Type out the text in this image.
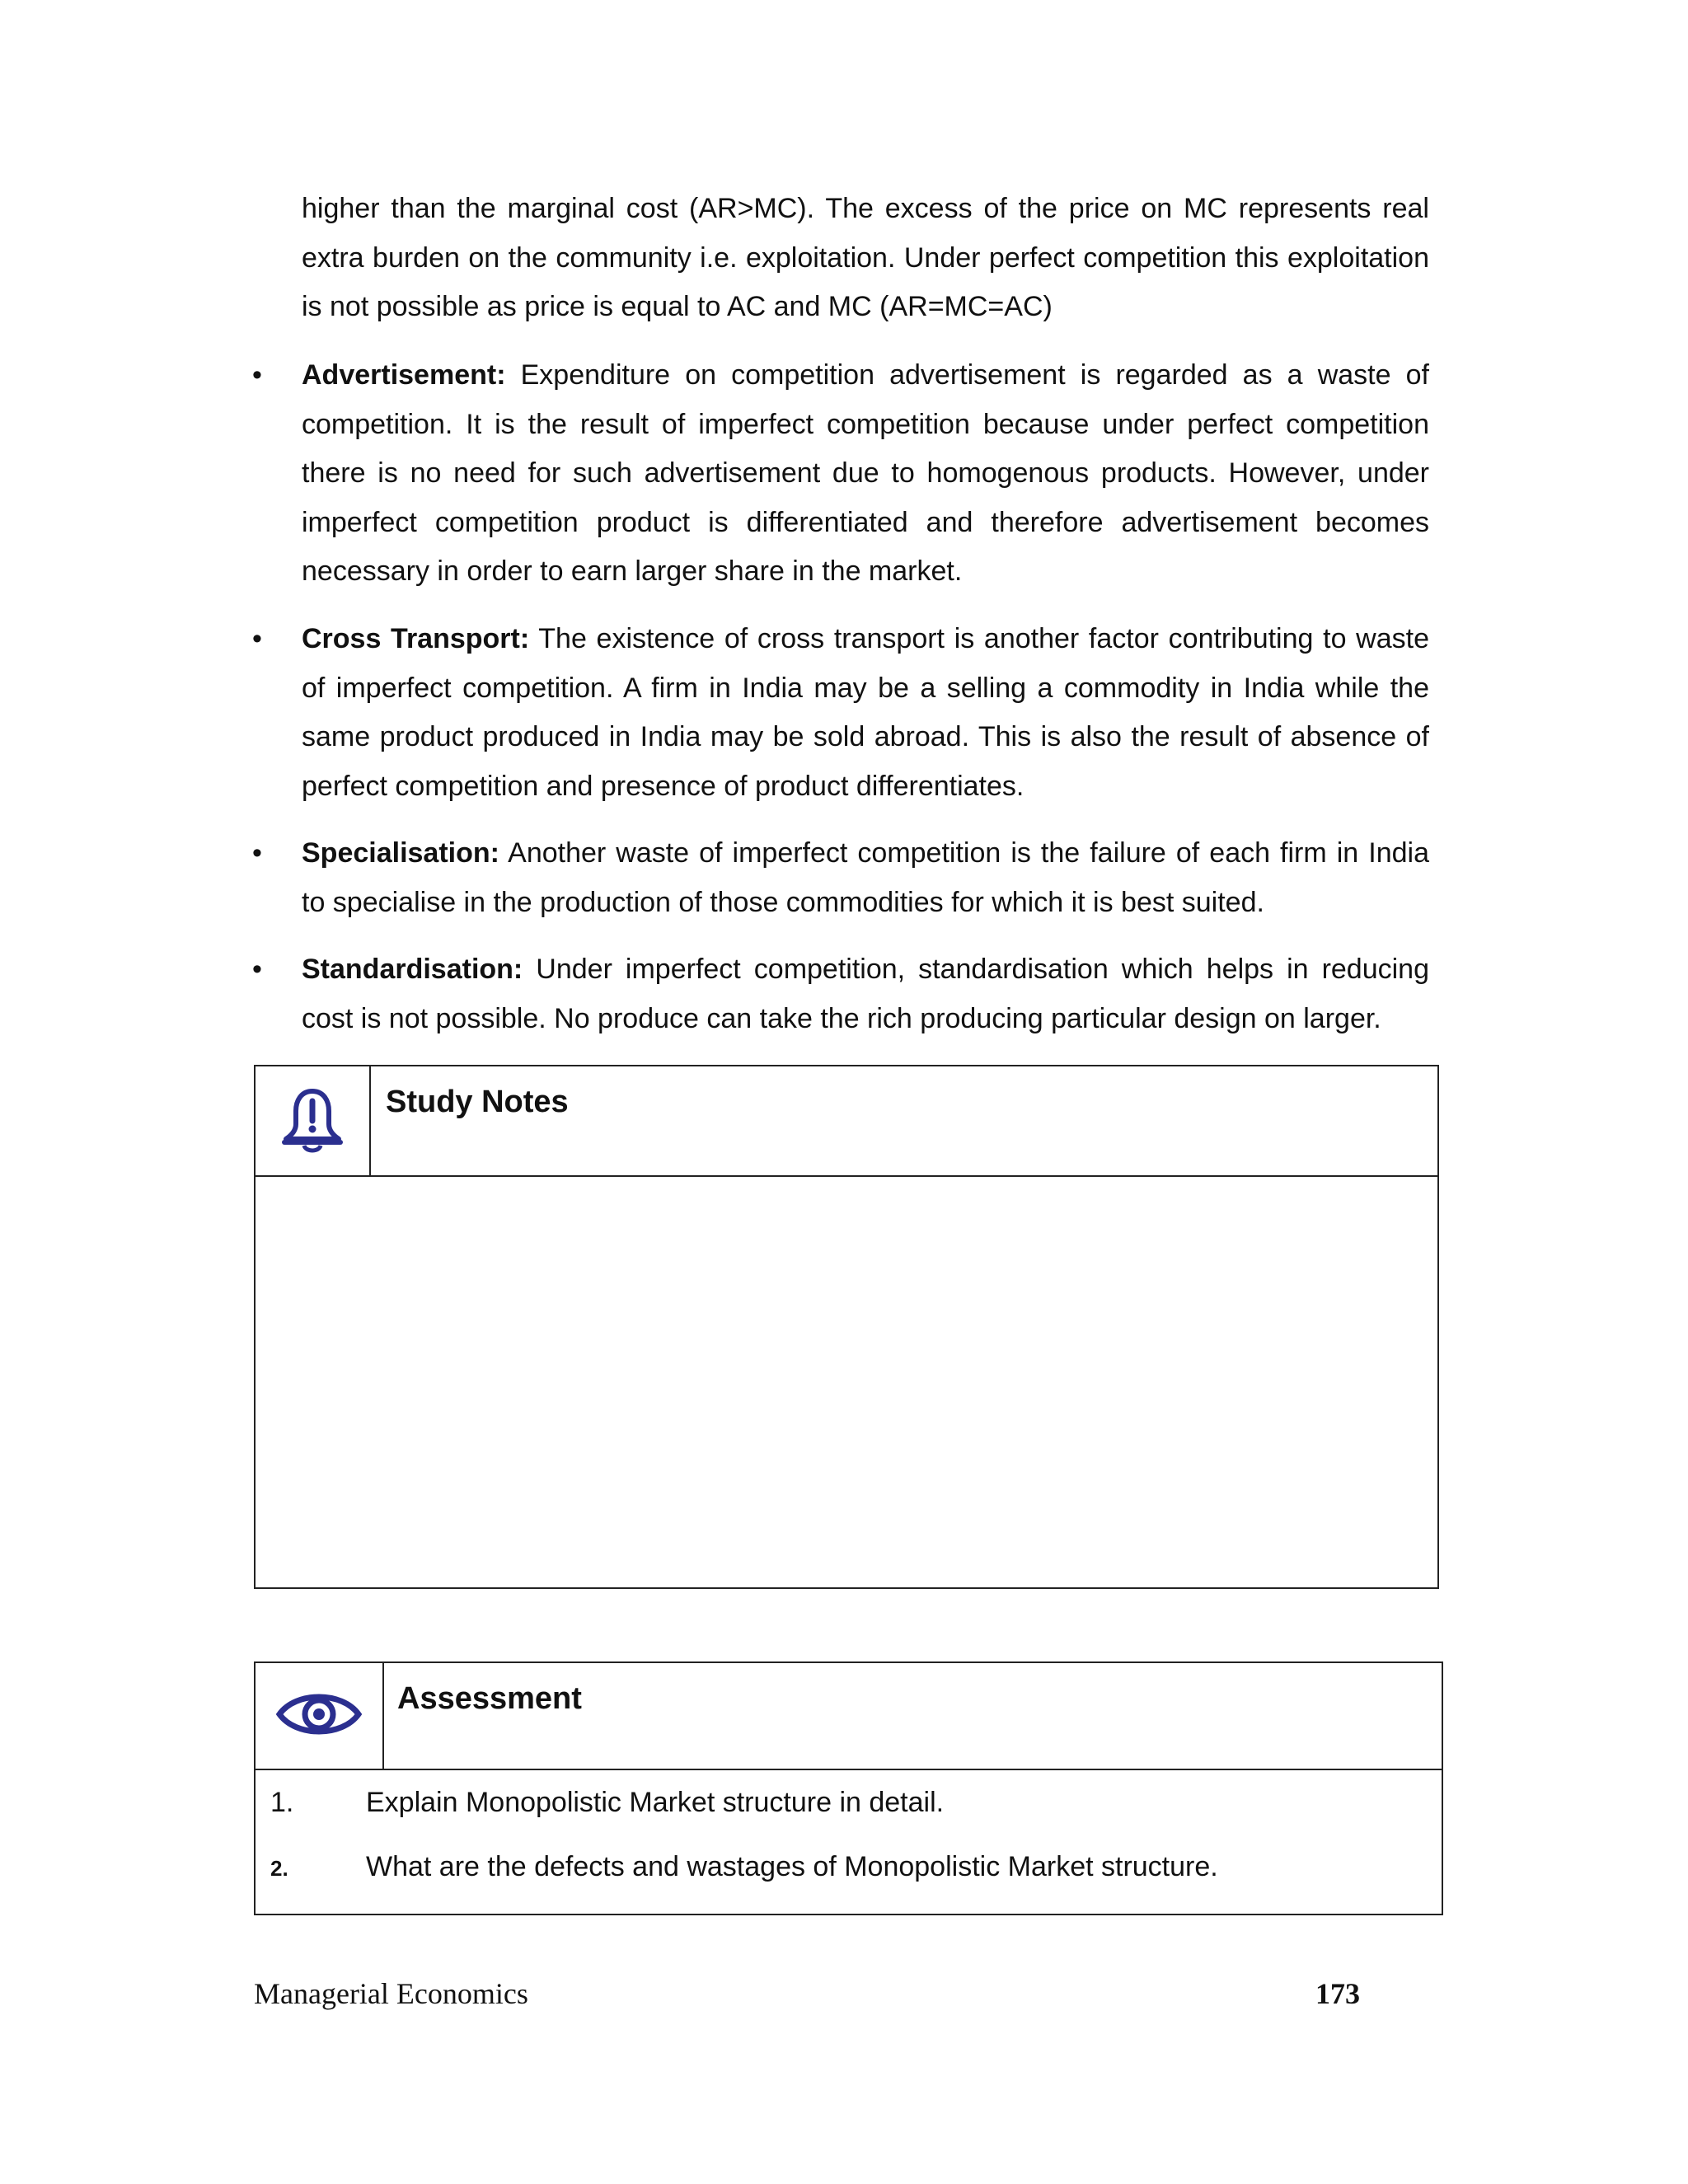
higher than the marginal cost (AR>MC). The excess of the price on MC represents real extra burden on the community i.e. exploitation. Under perfect competition this exploitation is not possible as price is equal to AC and MC (AR=MC=AC)

• Advertisement: Expenditure on competition advertisement is regarded as a waste of competition. It is the result of imperfect competition because under perfect competition there is no need for such advertisement due to homogenous products. However, under imperfect competition product is differentiated and therefore advertisement becomes necessary in order to earn larger share in the market.

• Cross Transport: The existence of cross transport is another factor contributing to waste of imperfect competition. A firm in India may be a selling a commodity in India while the same product produced in India may be sold abroad. This is also the result of absence of perfect competition and presence of product differentiates.

• Specialisation: Another waste of imperfect competition is the failure of each firm in India to specialise in the production of those commodities for which it is best suited.

• Standardisation: Under imperfect competition, standardisation which helps in reducing cost is not possible. No produce can take the rich producing particular design on larger.

Study Notes
Assessment
1.	Explain Monopolistic Market structure in detail.
2.	What are the defects and wastages of Monopolistic Market structure.
Managerial Economics	173
